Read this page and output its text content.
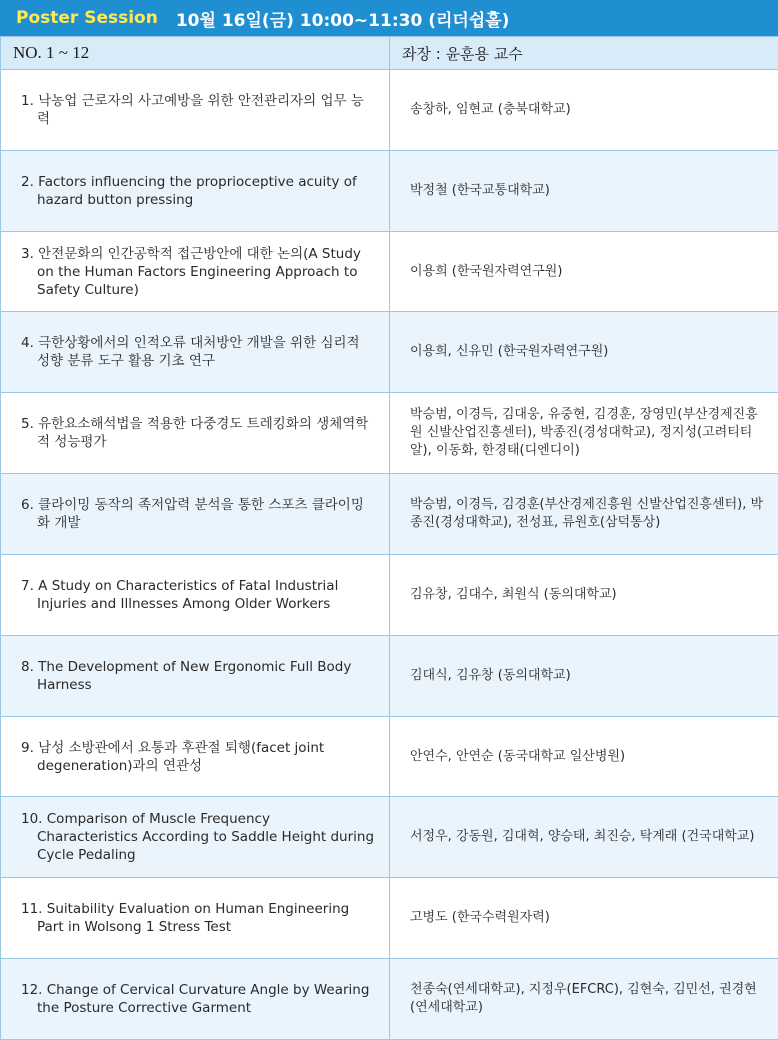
Poster Session 10월 16일(금) 10:00~11:30 (리더쉽홀)
NO. 1 ~ 12	좌장 : 윤훈용 교수

1. 낙농업 근로자의 사고예방을 위한 안전관리자의 업무 능력	송창하, 임현교 (충북대학교)

2. Factors influencing the proprioceptive acuity of hazard button pressing	박정철 (한국교통대학교)

3. 안전문화의 인간공학적 접근방안에 대한 논의(A Study on the Human Factors Engineering Approach to Safety Culture)	이용희 (한국원자력연구원)

4. 극한상황에서의 인적오류 대처방안 개발을 위한 심리적 성향 분류 도구 활용 기초 연구	이용희, 신유민 (한국원자력연구원)

5. 유한요소해석법을 적용한 다중경도 트레킹화의 생체역학적 성능평가	박승범, 이경득, 김대웅, 유중현, 김경훈, 장영민(부산경제진흥원 신발산업진흥센터), 박종진(경성대학교), 정지성(고려티티알), 이동화, 한경태(디엔디이)

6. 클라이밍 동작의 족저압력 분석을 통한 스포츠 클라이밍화 개발	박승범, 이경득, 김경훈(부산경제진흥원 신발산업진흥센터), 박종진(경성대학교), 전성표, 류원호(삼덕통상)

7. A Study on Characteristics of Fatal Industrial Injuries and Illnesses Among Older Workers	김유창, 김대수, 최원식 (동의대학교)

8. The Development of New Ergonomic Full Body Harness	김대식, 김유창 (동의대학교)

9. 남성 소방관에서 요통과 후관절 퇴행(facet joint degeneration)과의 연관성	안연수, 안연순 (동국대학교 일산병원)

10. Comparison of Muscle Frequency Characteristics According to Saddle Height during Cycle Pedaling	서정우, 강동원, 김대혁, 양승태, 최진승, 탁계래 (건국대학교)

11. Suitability Evaluation on Human Engineering Part in Wolsong 1 Stress Test	고병도 (한국수력원자력)

12. Change of Cervical Curvature Angle by Wearing the Posture Corrective Garment	천종숙(연세대학교), 지정우(EFCRC), 김현숙, 김민선, 권경현 (연세대학교)
